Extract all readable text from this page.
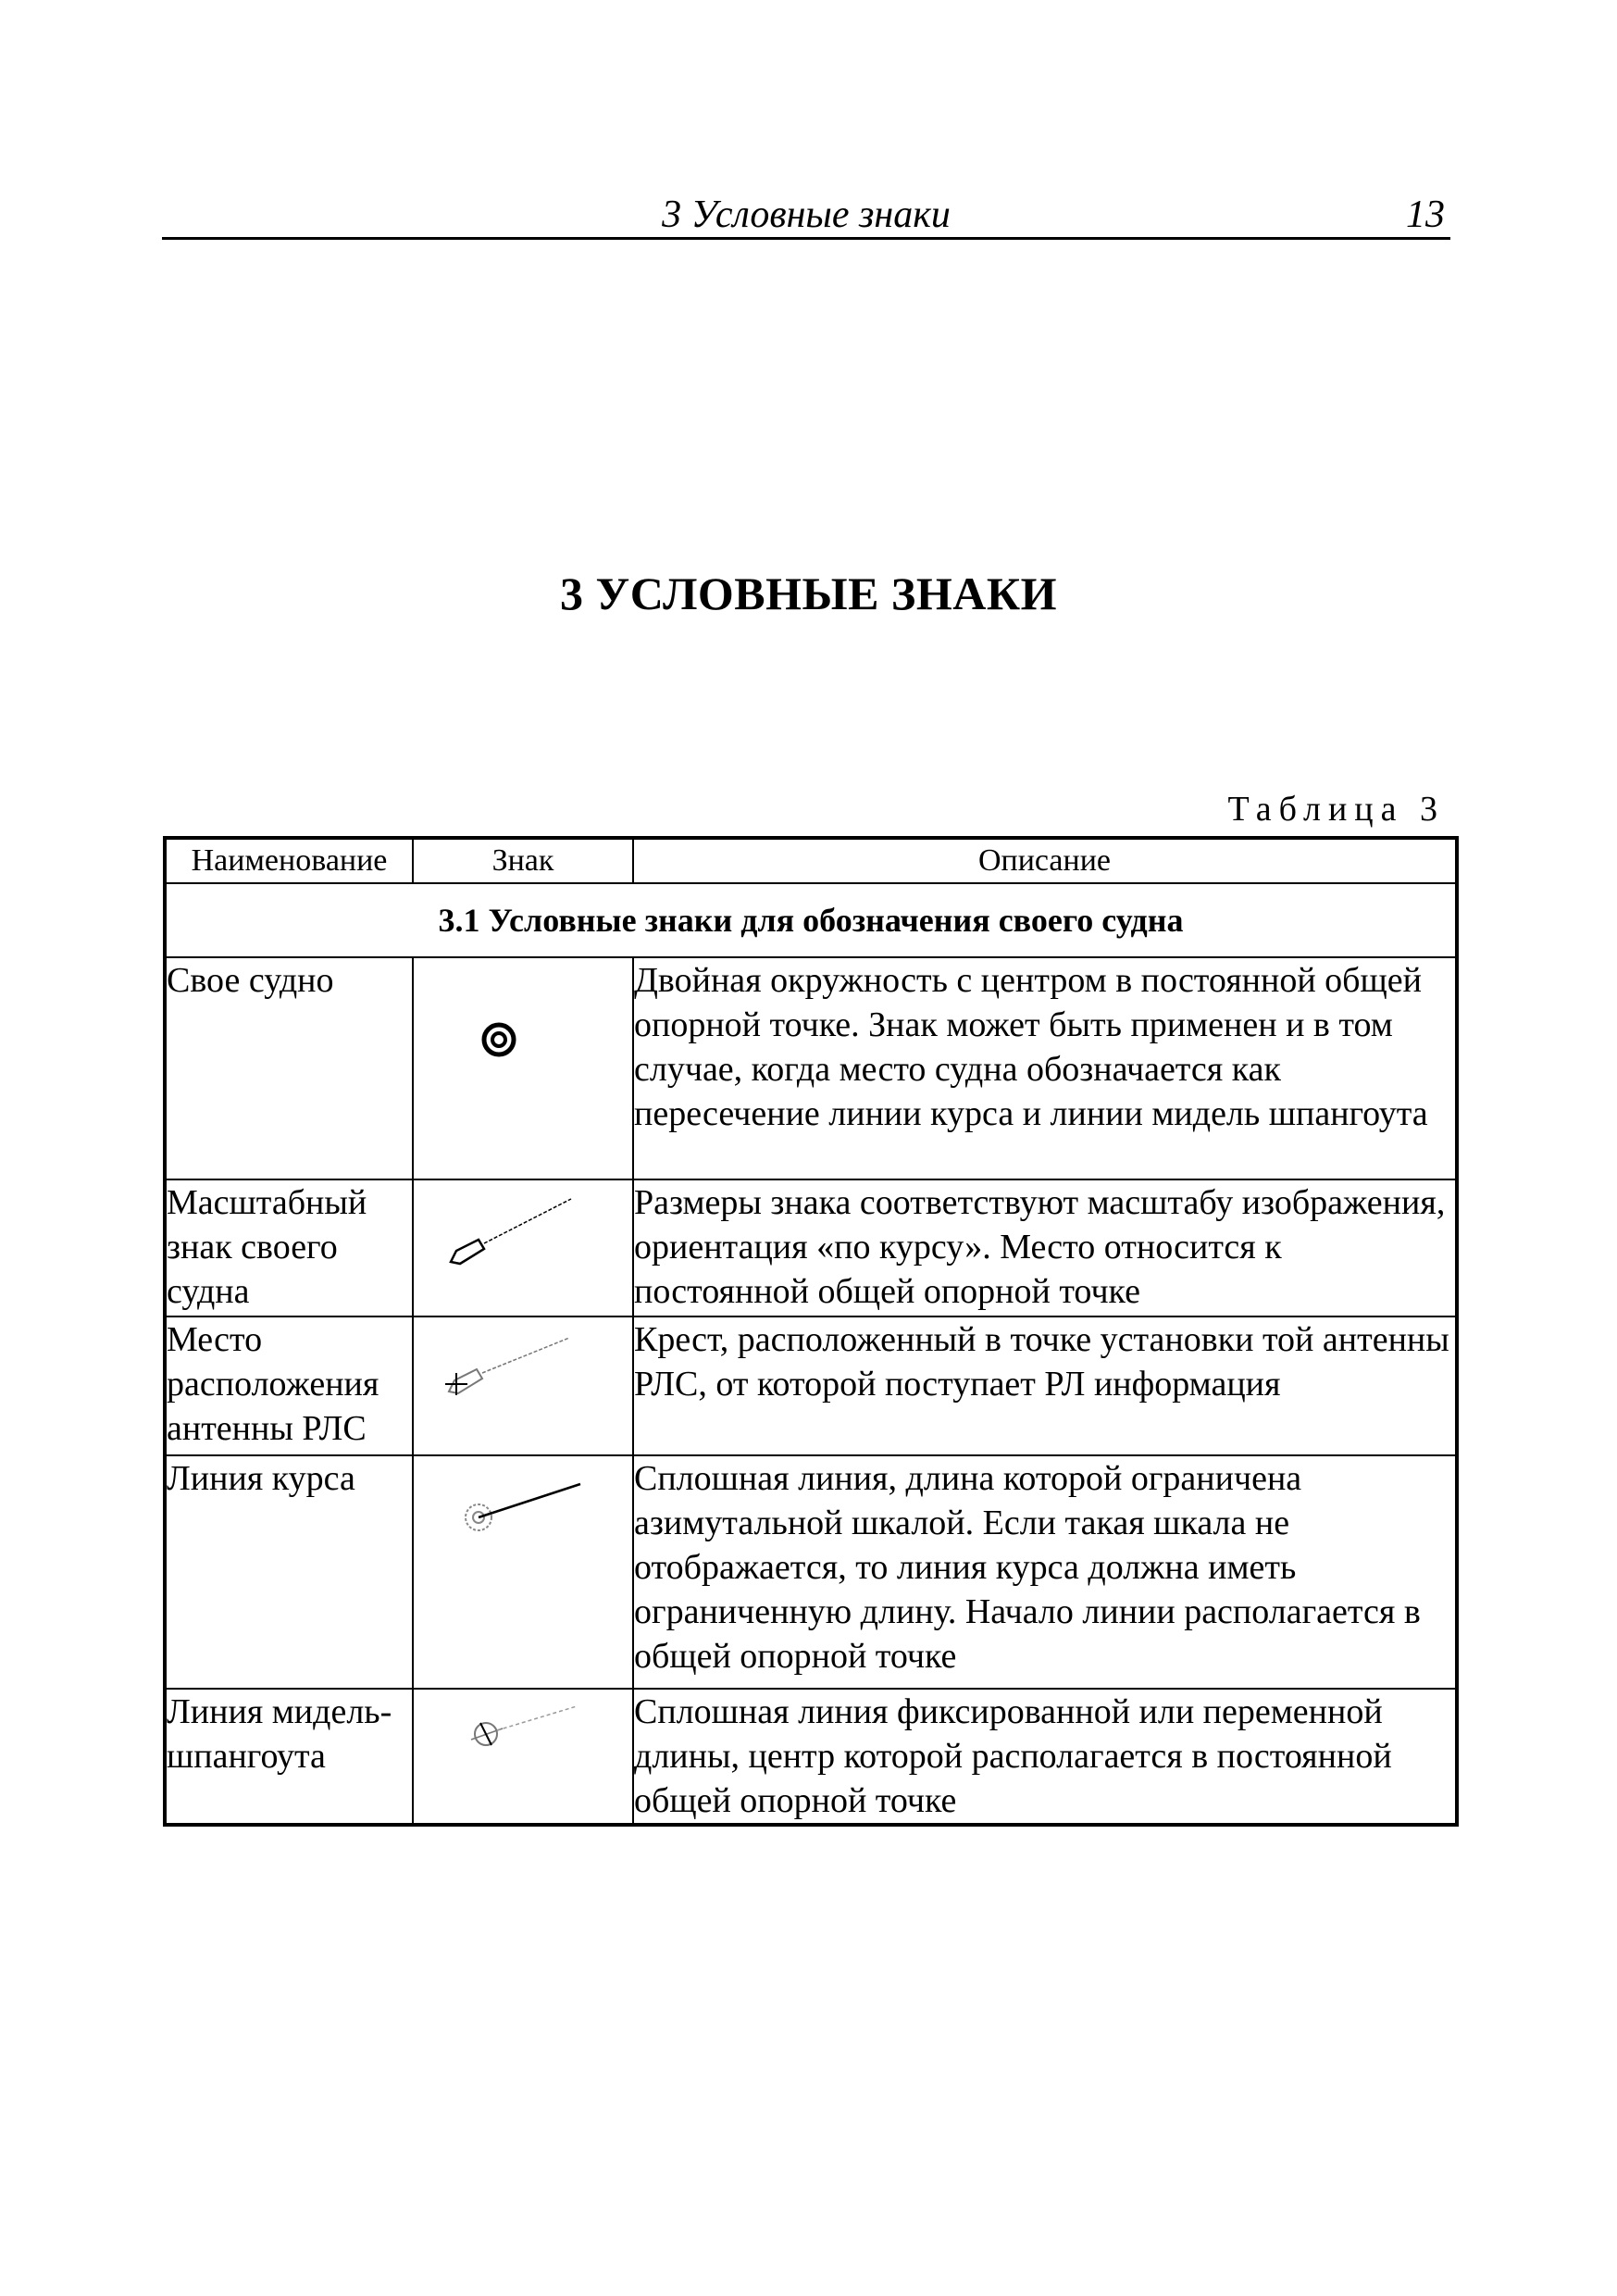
3 Условные знаки	13
3 УСЛОВНЫЕ ЗНАКИ
Таблица 3
Наименование	Знак	Описание
3.1 Условные знаки для обозначения своего судна		
Свое судно		Двойная окружность с центром в постоянной общей опорной точке. Знак может быть применен и в том случае, когда место судна обозначается как пересечение линии курса и линии мидель шпангоута
Масштабный знак своего судна		Размеры знака соответствуют масштабу изображения, ориентация «по курсу». Место относится к постоянной общей опорной точке
Место расположения антенны РЛС		Крест, расположенный в точке установки той антенны РЛС, от которой поступает РЛ информация
Линия курса		Сплошная линия, длина которой ограничена азимутальной шкалой. Если такая шкала не отображается, то линия курса должна иметь ограниченную длину. Начало линии располагается в общей опорной точке
Линия мидель-шпангоута		Сплошная линия фиксированной или переменной длины, центр которой располагается в постоянной общей опорной точке
